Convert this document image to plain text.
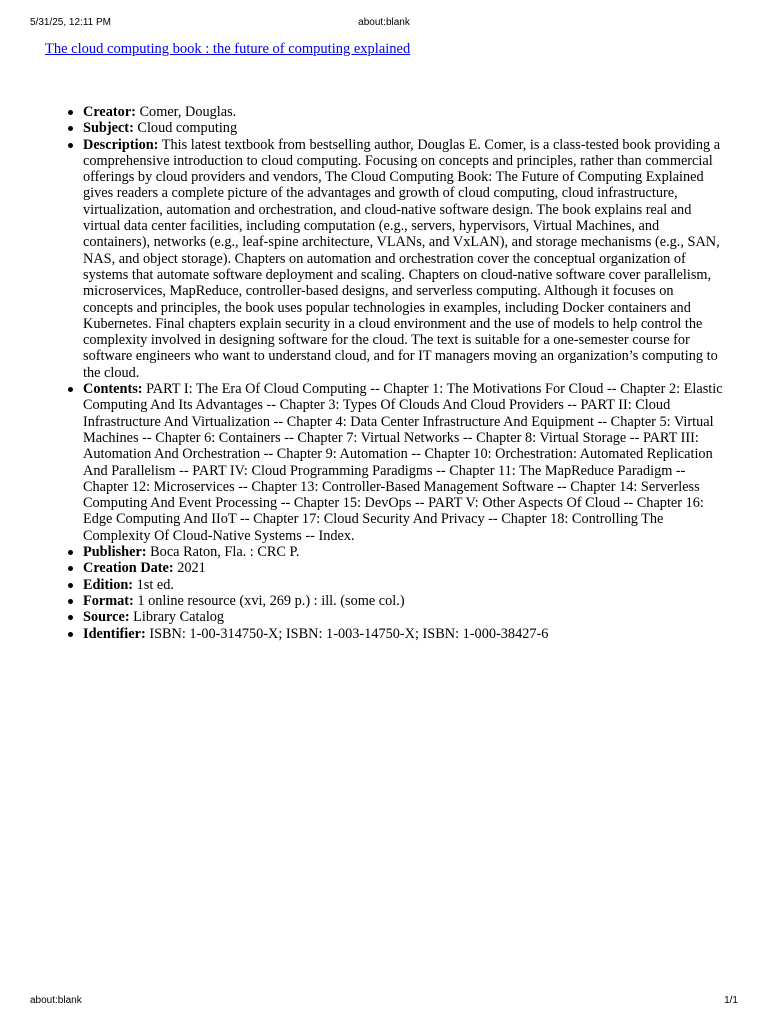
5/31/25, 12:11 PM	about:blank
The cloud computing book : the future of computing explained
Creator: Comer, Douglas.
Subject: Cloud computing
Description: This latest textbook from bestselling author, Douglas E. Comer, is a class-tested book providing a comprehensive introduction to cloud computing. Focusing on concepts and principles, rather than commercial offerings by cloud providers and vendors, The Cloud Computing Book: The Future of Computing Explained gives readers a complete picture of the advantages and growth of cloud computing, cloud infrastructure, virtualization, automation and orchestration, and cloud-native software design. The book explains real and virtual data center facilities, including computation (e.g., servers, hypervisors, Virtual Machines, and containers), networks (e.g., leaf-spine architecture, VLANs, and VxLAN), and storage mechanisms (e.g., SAN, NAS, and object storage). Chapters on automation and orchestration cover the conceptual organization of systems that automate software deployment and scaling. Chapters on cloud-native software cover parallelism, microservices, MapReduce, controller-based designs, and serverless computing. Although it focuses on concepts and principles, the book uses popular technologies in examples, including Docker containers and Kubernetes. Final chapters explain security in a cloud environment and the use of models to help control the complexity involved in designing software for the cloud. The text is suitable for a one-semester course for software engineers who want to understand cloud, and for IT managers moving an organization’s computing to the cloud.
Contents: PART I: The Era Of Cloud Computing -- Chapter 1: The Motivations For Cloud -- Chapter 2: Elastic Computing And Its Advantages -- Chapter 3: Types Of Clouds And Cloud Providers -- PART II: Cloud Infrastructure And Virtualization -- Chapter 4: Data Center Infrastructure And Equipment -- Chapter 5: Virtual Machines -- Chapter 6: Containers -- Chapter 7: Virtual Networks -- Chapter 8: Virtual Storage -- PART III: Automation And Orchestration -- Chapter 9: Automation -- Chapter 10: Orchestration: Automated Replication And Parallelism -- PART IV: Cloud Programming Paradigms -- Chapter 11: The MapReduce Paradigm -- Chapter 12: Microservices -- Chapter 13: Controller-Based Management Software -- Chapter 14: Serverless Computing And Event Processing -- Chapter 15: DevOps -- PART V: Other Aspects Of Cloud -- Chapter 16: Edge Computing And IIoT -- Chapter 17: Cloud Security And Privacy -- Chapter 18: Controlling The Complexity Of Cloud-Native Systems -- Index.
Publisher: Boca Raton, Fla. : CRC P.
Creation Date: 2021
Edition: 1st ed.
Format: 1 online resource (xvi, 269 p.) : ill. (some col.)
Source: Library Catalog
Identifier: ISBN: 1-00-314750-X; ISBN: 1-003-14750-X; ISBN: 1-000-38427-6
about:blank	1/1
